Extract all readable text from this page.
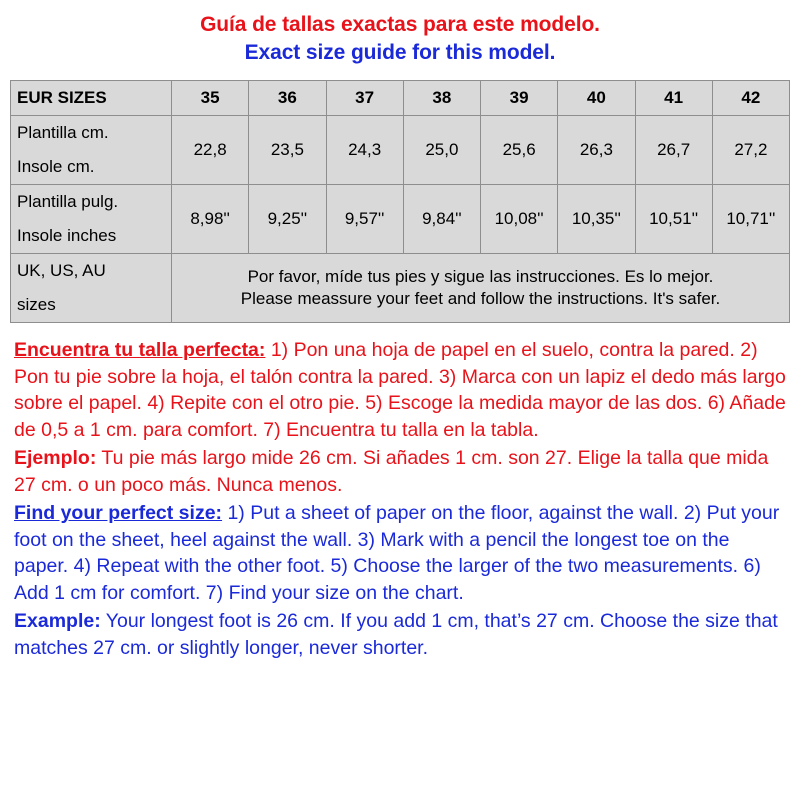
Guía de tallas exactas para este modelo.
Exact size guide for this model.
EUR SIZES	35	36	37	38	39	40	41	42
Plantilla cm.	22,8	23,5	24,3	25,0	25,6	26,3	26,7	27,2
Insole cm.								
Plantilla pulg.	8,98''	9,25''	9,57''	9,84''	10,08''	10,35''	10,51''	10,71''
Insole inches								
UK, US, AU	Por favor, míde tus pies y sigue las instrucciones. Es lo mejor.
Please meassure your feet and follow the instructions. It's safer.							

sizes								
Encuentra tu talla perfecta: 1) Pon una hoja de papel en el suelo, contra la pared. 2) Pon tu pie sobre la hoja, el talón contra la pared. 3) Marca con un lapiz el dedo más largo sobre el papel. 4) Repite con el otro pie. 5) Escoge la medida mayor de las dos. 6) Añade de 0,5 a 1 cm. para comfort. 7) Encuentra tu talla en la tabla.
Ejemplo: Tu pie más largo mide 26 cm. Si añades 1 cm. son 27. Elige la talla que mida 27 cm. o un poco más. Nunca menos.
Find your perfect size: 1) Put a sheet of paper on the floor, against the wall. 2) Put your foot on the sheet, heel against the wall. 3) Mark with a pencil the longest toe on the paper. 4) Repeat with the other foot. 5) Choose the larger of the two measurements. 6) Add 1 cm for comfort. 7) Find your size on the chart.
Example: Your longest foot is 26 cm. If you add 1 cm, that’s 27 cm. Choose the size that matches 27 cm. or slightly longer, never shorter.
